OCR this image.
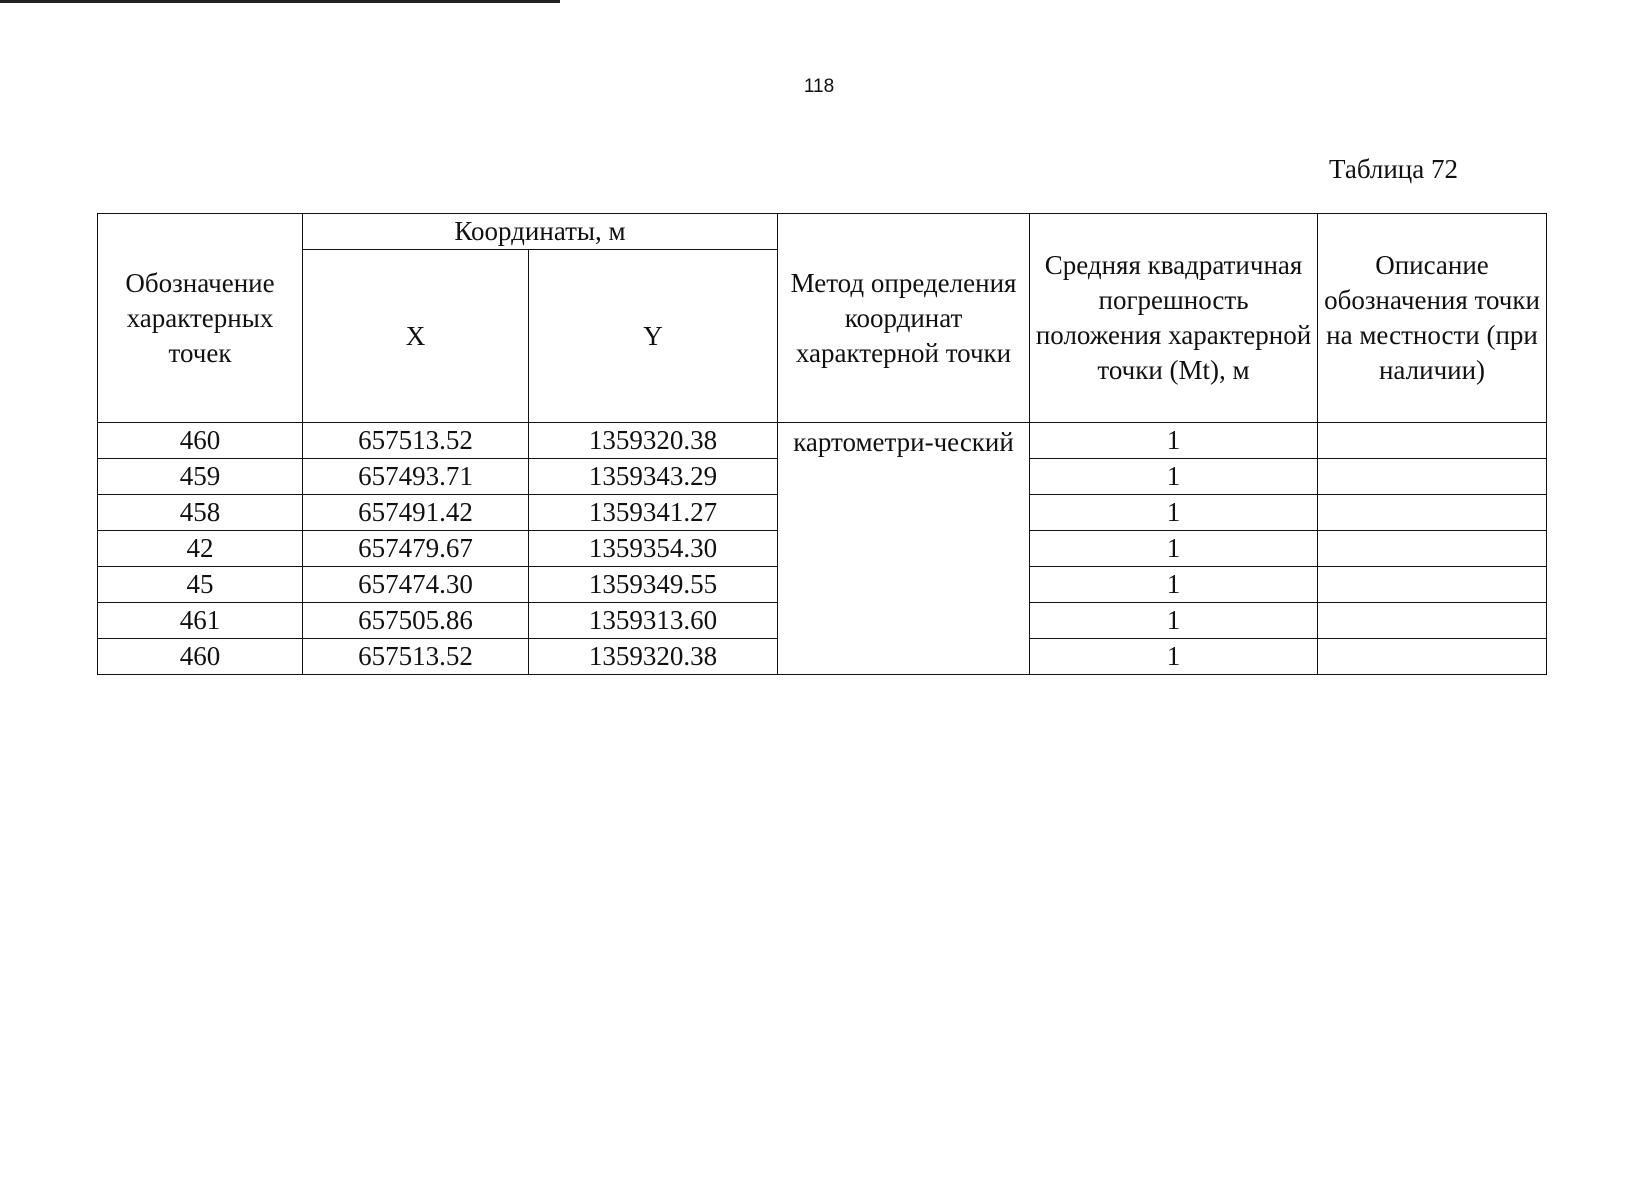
118
Таблица 72
Обозначение характерных точек	Координаты, м		Метод определения координат характерной точки	Средняя квадратичная погрешность положения характерной точки (Mt), м	Описание обозначения точки на местности (при наличии)
	X	Y			
460	657513.52	1359320.38	картометри-ческий	1	
459	657493.71	1359343.29		1	
458	657491.42	1359341.27		1	
42	657479.67	1359354.30		1	
45	657474.30	1359349.55		1	
461	657505.86	1359313.60		1	
460	657513.52	1359320.38		1	
